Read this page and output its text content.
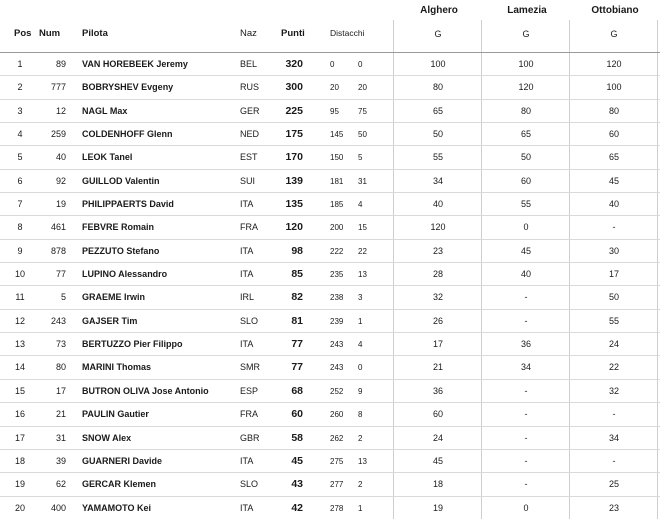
Alghero	Lamezia	Ottobiano
Pos Num Pilota	Naz	Punti	Distacchi	G	G	G
1	89 VAN HOREBEEK Jeremy	BEL	320	0	0	100	100	120
2	777 BOBRYSHEV Evgeny	RUS	300	20	20	80	120	100
3	12 NAGL Max	GER	225	95	75	65	80	80
4	259 COLDENHOFF Glenn	NED	175	145	50	50	65	60
5	40 LEOK Tanel	EST	170	150	5	55	50	65
6	92 GUILLOD Valentin	SUI	139	181	31	34	60	45
7	19 PHILIPPAERTS David	ITA	135	185	4	40	55	40
8	461 FEBVRE Romain	FRA	120	200	15	120	0	-
9	878 PEZZUTO Stefano	ITA	98	222	22	23	45	30
10	77 LUPINO Alessandro	ITA	85	235	13	28	40	17
11	5 GRAEME Irwin	IRL	82	238	3	32	-	50
12	243 GAJSER Tim	SLO	81	239	1	26	-	55
13	73 BERTUZZO Pier Filippo	ITA	77	243	4	17	36	24
14	80 MARINI Thomas	SMR	77	243	0	21	34	22
15	17 BUTRON OLIVA Jose Antonio	ESP	68	252	9	36	-	32
16	21 PAULIN Gautier	FRA	60	260	8	60	-	-
17	31 SNOW Alex	GBR	58	262	2	24	-	34
18	39 GUARNERI Davide	ITA	45	275	13	45	-	-
19	62 GERCAR Klemen	SLO	43	277	2	18	-	25
20	400 YAMAMOTO Kei	ITA	42	278	1	19	0	23
